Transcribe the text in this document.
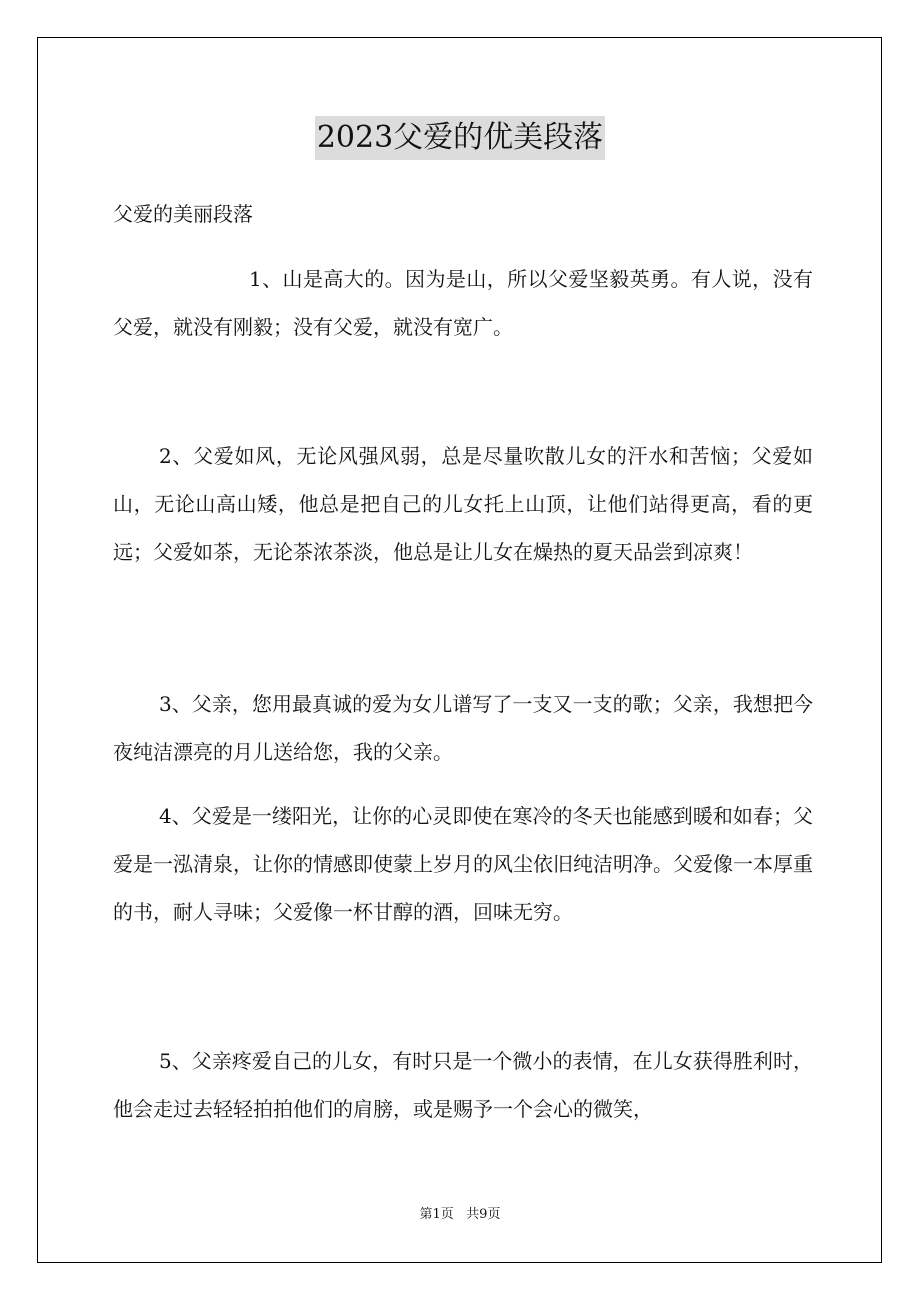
2023父爱的优美段落
父爱的美丽段落

1、山是高大的。因为是山，所以父爱坚毅英勇。有人说，没有父爱，就没有刚毅；没有父爱，就没有宽广。

2、父爱如风，无论风强风弱，总是尽量吹散儿女的汗水和苦恼；父爱如山，无论山高山矮，他总是把自己的儿女托上山顶，让他们站得更高，看的更远；父爱如茶，无论茶浓茶淡，他总是让儿女在燥热的夏天品尝到凉爽！

3、父亲，您用最真诚的爱为女儿谱写了一支又一支的歌；父亲，我想把今夜纯洁漂亮的月儿送给您，我的父亲。

4、父爱是一缕阳光，让你的心灵即使在寒冷的冬天也能感到暖和如春；父爱是一泓清泉，让你的情感即使蒙上岁月的风尘依旧纯洁明净。父爱像一本厚重的书，耐人寻味；父爱像一杯甘醇的酒，回味无穷。

5、父亲疼爱自己的儿女，有时只是一个微小的表情，在儿女获得胜利时，他会走过去轻轻拍拍他们的肩膀，或是赐予一个会心的微笑，

第1页   共9页
